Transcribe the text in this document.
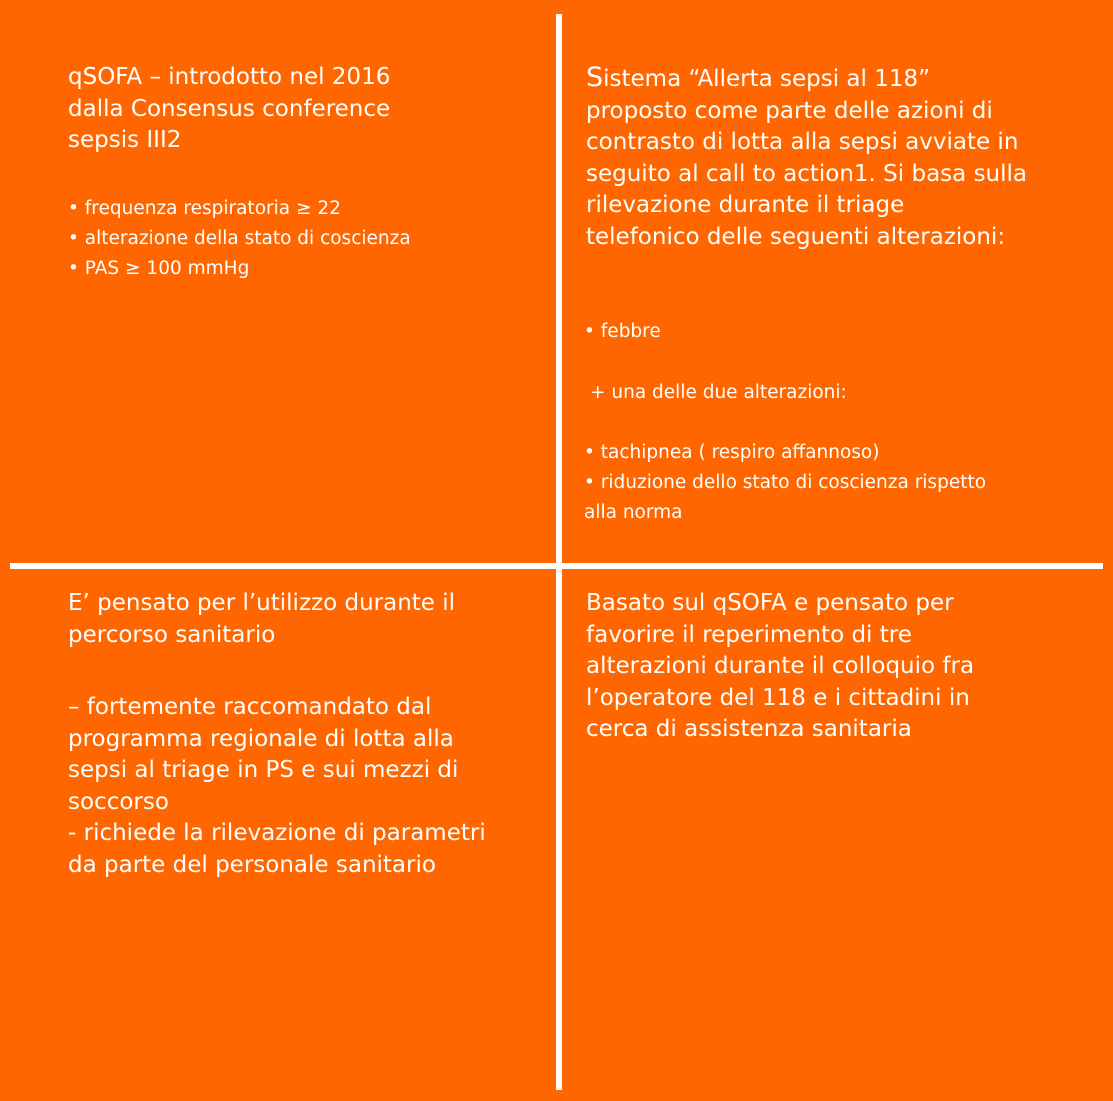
qSOFA – introdotto nel 2016
dalla Consensus conference
sepsis III2
• frequenza respiratoria ≥ 22
• alterazione della stato di coscienza
• PAS ≥ 100 mmHg
Sistema “Allerta sepsi al 118”
proposto come parte delle azioni di
contrasto di lotta alla sepsi avviate in
seguito al call to action1. Si basa sulla
rilevazione durante il triage
telefonico delle seguenti alterazioni:
• febbre
+ una delle due alterazioni:
• tachipnea ( respiro affannoso)
• riduzione dello stato di coscienza rispetto
alla norma
E’ pensato per l’utilizzo durante il
percorso sanitario
– fortemente raccomandato dal
programma regionale di lotta alla
sepsi al triage in PS e sui mezzi di
soccorso
- richiede la rilevazione di parametri
da parte del personale sanitario
Basato sul qSOFA e pensato per
favorire il reperimento di tre
alterazioni durante il colloquio fra
l’operatore del 118 e i cittadini in
cerca di assistenza sanitaria
